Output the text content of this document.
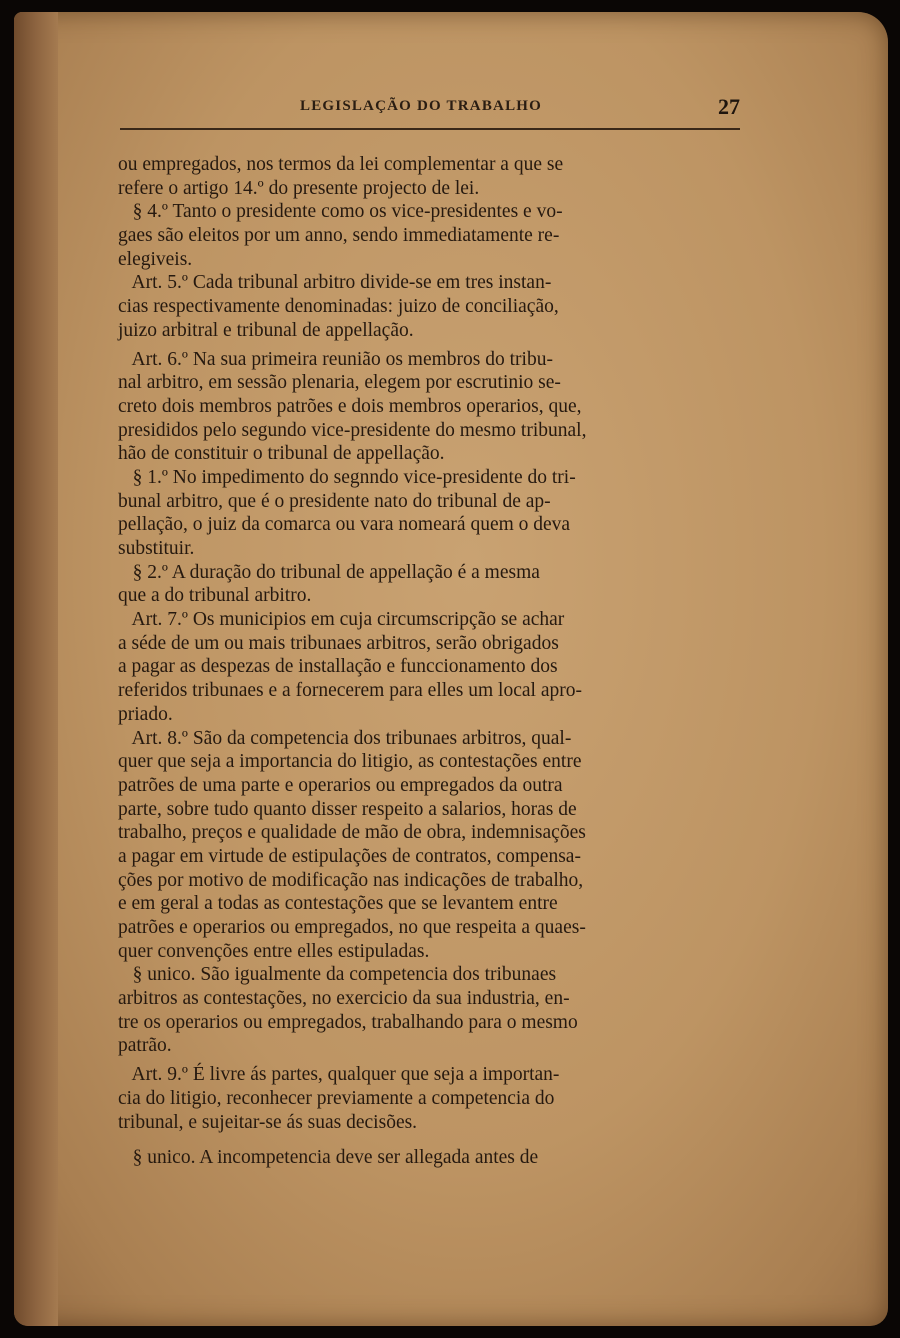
LEGISLAÇÃO DO TRABALHO	27
ou empregados, nos termos da lei complementar a que se
refere o artigo 14.º do presente projecto de lei.
§ 4.º Tanto o presidente como os vice-presidentes e vo-
gaes são eleitos por um anno, sendo immediatamente re-
elegiveis.
Art. 5.º Cada tribunal arbitro divide-se em tres instan-
cias respectivamente denominadas: juizo de conciliação,
juizo arbitral e tribunal de appellação.
Art. 6.º Na sua primeira reunião os membros do tribu-
nal arbitro, em sessão plenaria, elegem por escrutinio se-
creto dois membros patrões e dois membros operarios, que,
presididos pelo segundo vice-presidente do mesmo tribunal,
hão de constituir o tribunal de appellação.
§ 1.º No impedimento do segnndo vice-presidente do tri-
bunal arbitro, que é o presidente nato do tribunal de ap-
pellação, o juiz da comarca ou vara nomeará quem o deva
substituir.
§ 2.º A duração do tribunal de appellação é a mesma
que a do tribunal arbitro.
Art. 7.º Os municipios em cuja circumscripção se achar
a séde de um ou mais tribunaes arbitros, serão obrigados
a pagar as despezas de installação e funccionamento dos
referidos tribunaes e a fornecerem para elles um local apro-
priado.
Art. 8.º São da competencia dos tribunaes arbitros, qual-
quer que seja a importancia do litigio, as contestações entre
patrões de uma parte e operarios ou empregados da outra
parte, sobre tudo quanto disser respeito a salarios, horas de
trabalho, preços e qualidade de mão de obra, indemnisações
a pagar em virtude de estipulações de contratos, compensa-
ções por motivo de modificação nas indicações de trabalho,
e em geral a todas as contestações que se levantem entre
patrões e operarios ou empregados, no que respeita a quaes-
quer convenções entre elles estipuladas.
§ unico. São igualmente da competencia dos tribunaes
arbitros as contestações, no exercicio da sua industria, en-
tre os operarios ou empregados, trabalhando para o mesmo
patrão.
Art. 9.º É livre ás partes, qualquer que seja a importan-
cia do litigio, reconhecer previamente a competencia do
tribunal, e sujeitar-se ás suas decisões.
§ unico. A incompetencia deve ser allegada antes de
